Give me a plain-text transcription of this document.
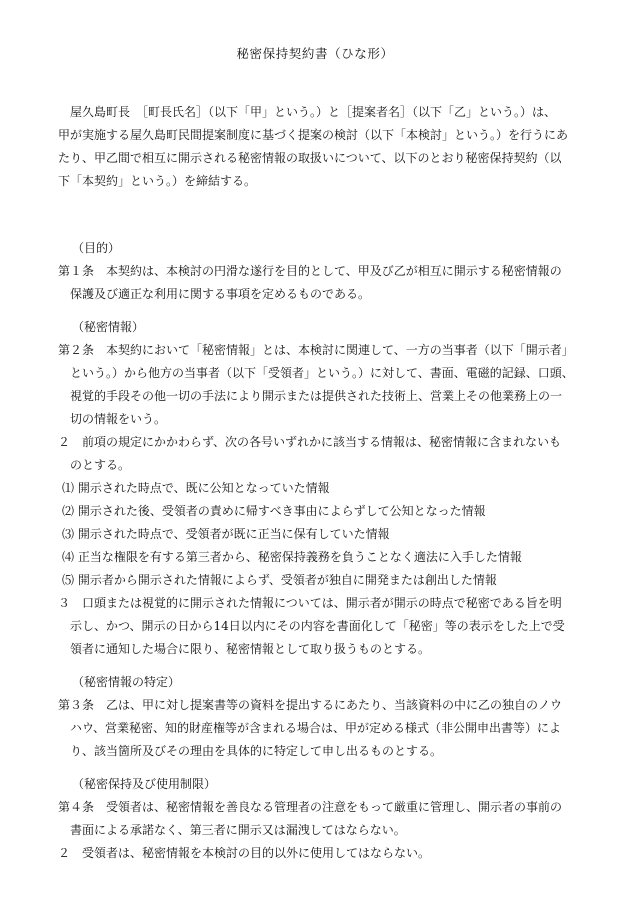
秘密保持契約書（ひな形）
屋久島町長　［町長氏名］（以下「甲」という。）と［提案者名］（以下「乙」という。）は、
甲が実施する屋久島町民間提案制度に基づく提案の検討（以下「本検討」という。）を行うにあ
たり、甲乙間で相互に開示される秘密情報の取扱いについて、以下のとおり秘密保持契約（以
下「本契約」という。）を締結する。
（目的）
第１条　本契約は、本検討の円滑な遂行を目的として、甲及び乙が相互に開示する秘密情報の
保護及び適正な利用に関する事項を定めるものである。
（秘密情報）
第２条　本契約において「秘密情報」とは、本検討に関連して、一方の当事者（以下「開示者」
という。）から他方の当事者（以下「受領者」という。）に対して、書面、電磁的記録、口頭、
視覚的手段その他一切の手法により開示または提供された技術上、営業上その他業務上の一
切の情報をいう。
２　前項の規定にかかわらず、次の各号いずれかに該当する情報は、秘密情報に含まれないも
のとする。
⑴ 開示された時点で、既に公知となっていた情報
⑵ 開示された後、受領者の責めに帰すべき事由によらずして公知となった情報
⑶ 開示された時点で、受領者が既に正当に保有していた情報
⑷ 正当な権限を有する第三者から、秘密保持義務を負うことなく適法に入手した情報
⑸ 開示者から開示された情報によらず、受領者が独自に開発または創出した情報
３　口頭または視覚的に開示された情報については、開示者が開示の時点で秘密である旨を明
示し、かつ、開示の日から14日以内にその内容を書面化して「秘密」等の表示をした上で受
領者に通知した場合に限り、秘密情報として取り扱うものとする。
（秘密情報の特定）
第３条　乙は、甲に対し提案書等の資料を提出するにあたり、当該資料の中に乙の独自のノウ
ハウ、営業秘密、知的財産権等が含まれる場合は、甲が定める様式（非公開申出書等）によ
り、該当箇所及びその理由を具体的に特定して申し出るものとする。
（秘密保持及び使用制限）
第４条　受領者は、秘密情報を善良なる管理者の注意をもって厳重に管理し、開示者の事前の
書面による承諾なく、第三者に開示又は漏洩してはならない。
２　受領者は、秘密情報を本検討の目的以外に使用してはならない。
